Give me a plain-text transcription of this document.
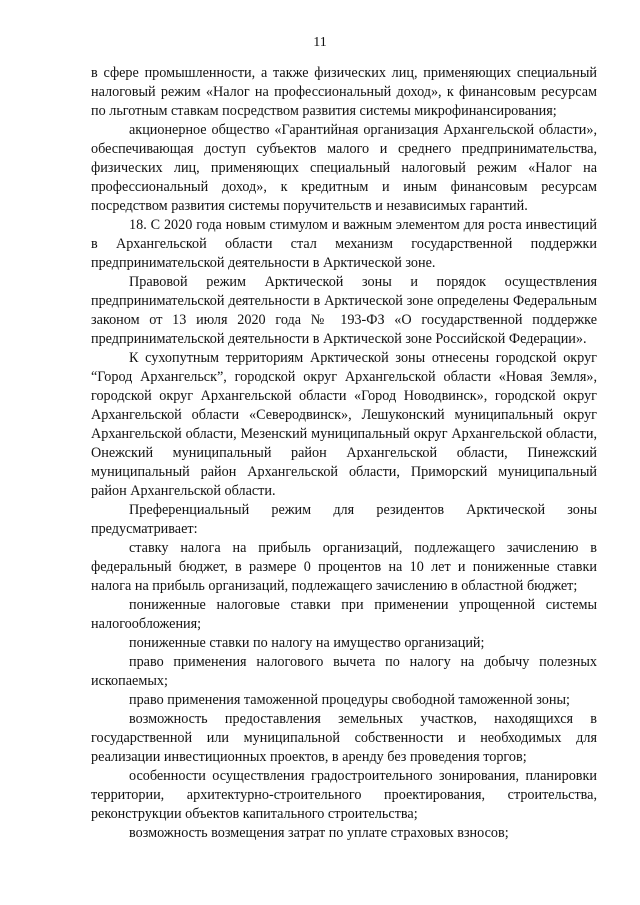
11

в сфере промышленности, а также физических лиц, применяющих специальный налоговый режим «Налог на профессиональный доход», к финансовым ресурсам по льготным ставкам посредством развития системы микрофинансирования;

акционерное общество «Гарантийная организация Архангельской области», обеспечивающая доступ субъектов малого и среднего предпринимательства, физических лиц, применяющих специальный налоговый режим «Налог на профессиональный доход», к кредитным и иным финансовым ресурсам посредством развития системы поручительств и независимых гарантий.

18. С 2020 года новым стимулом и важным элементом для роста инвестиций в Архангельской области стал механизм государственной поддержки предпринимательской деятельности в Арктической зоне.

Правовой режим Арктической зоны и порядок осуществления предпринимательской деятельности в Арктической зоне определены Федеральным законом от 13 июля 2020 года № 193-ФЗ «О государственной поддержке предпринимательской деятельности в Арктической зоне Российской Федерации».

К сухопутным территориям Арктической зоны отнесены городской округ “Город Архангельск”, городской округ Архангельской области «Новая Земля», городской округ Архангельской области «Город Новодвинск», городской округ Архангельской области «Северодвинск», Лешуконский муниципальный округ Архангельской области, Мезенский муниципальный округ Архангельской области, Онежский муниципальный район Архангельской области, Пинежский муниципальный район Архангельской области, Приморский муниципальный район Архангельской области.

Преференциальный режим для резидентов Арктической зоны предусматривает:

ставку налога на прибыль организаций, подлежащего зачислению в федеральный бюджет, в размере 0 процентов на 10 лет и пониженные ставки налога на прибыль организаций, подлежащего зачислению в областной бюджет;

пониженные налоговые ставки при применении упрощенной системы налогообложения;

пониженные ставки по налогу на имущество организаций;

право применения налогового вычета по налогу на добычу полезных ископаемых;

право применения таможенной процедуры свободной таможенной зоны;

возможность предоставления земельных участков, находящихся в государственной или муниципальной собственности и необходимых для реализации инвестиционных проектов, в аренду без проведения торгов;

особенности осуществления градостроительного зонирования, планировки территории, архитектурно-строительного проектирования, строительства, реконструкции объектов капитального строительства;

возможность возмещения затрат по уплате страховых взносов;
